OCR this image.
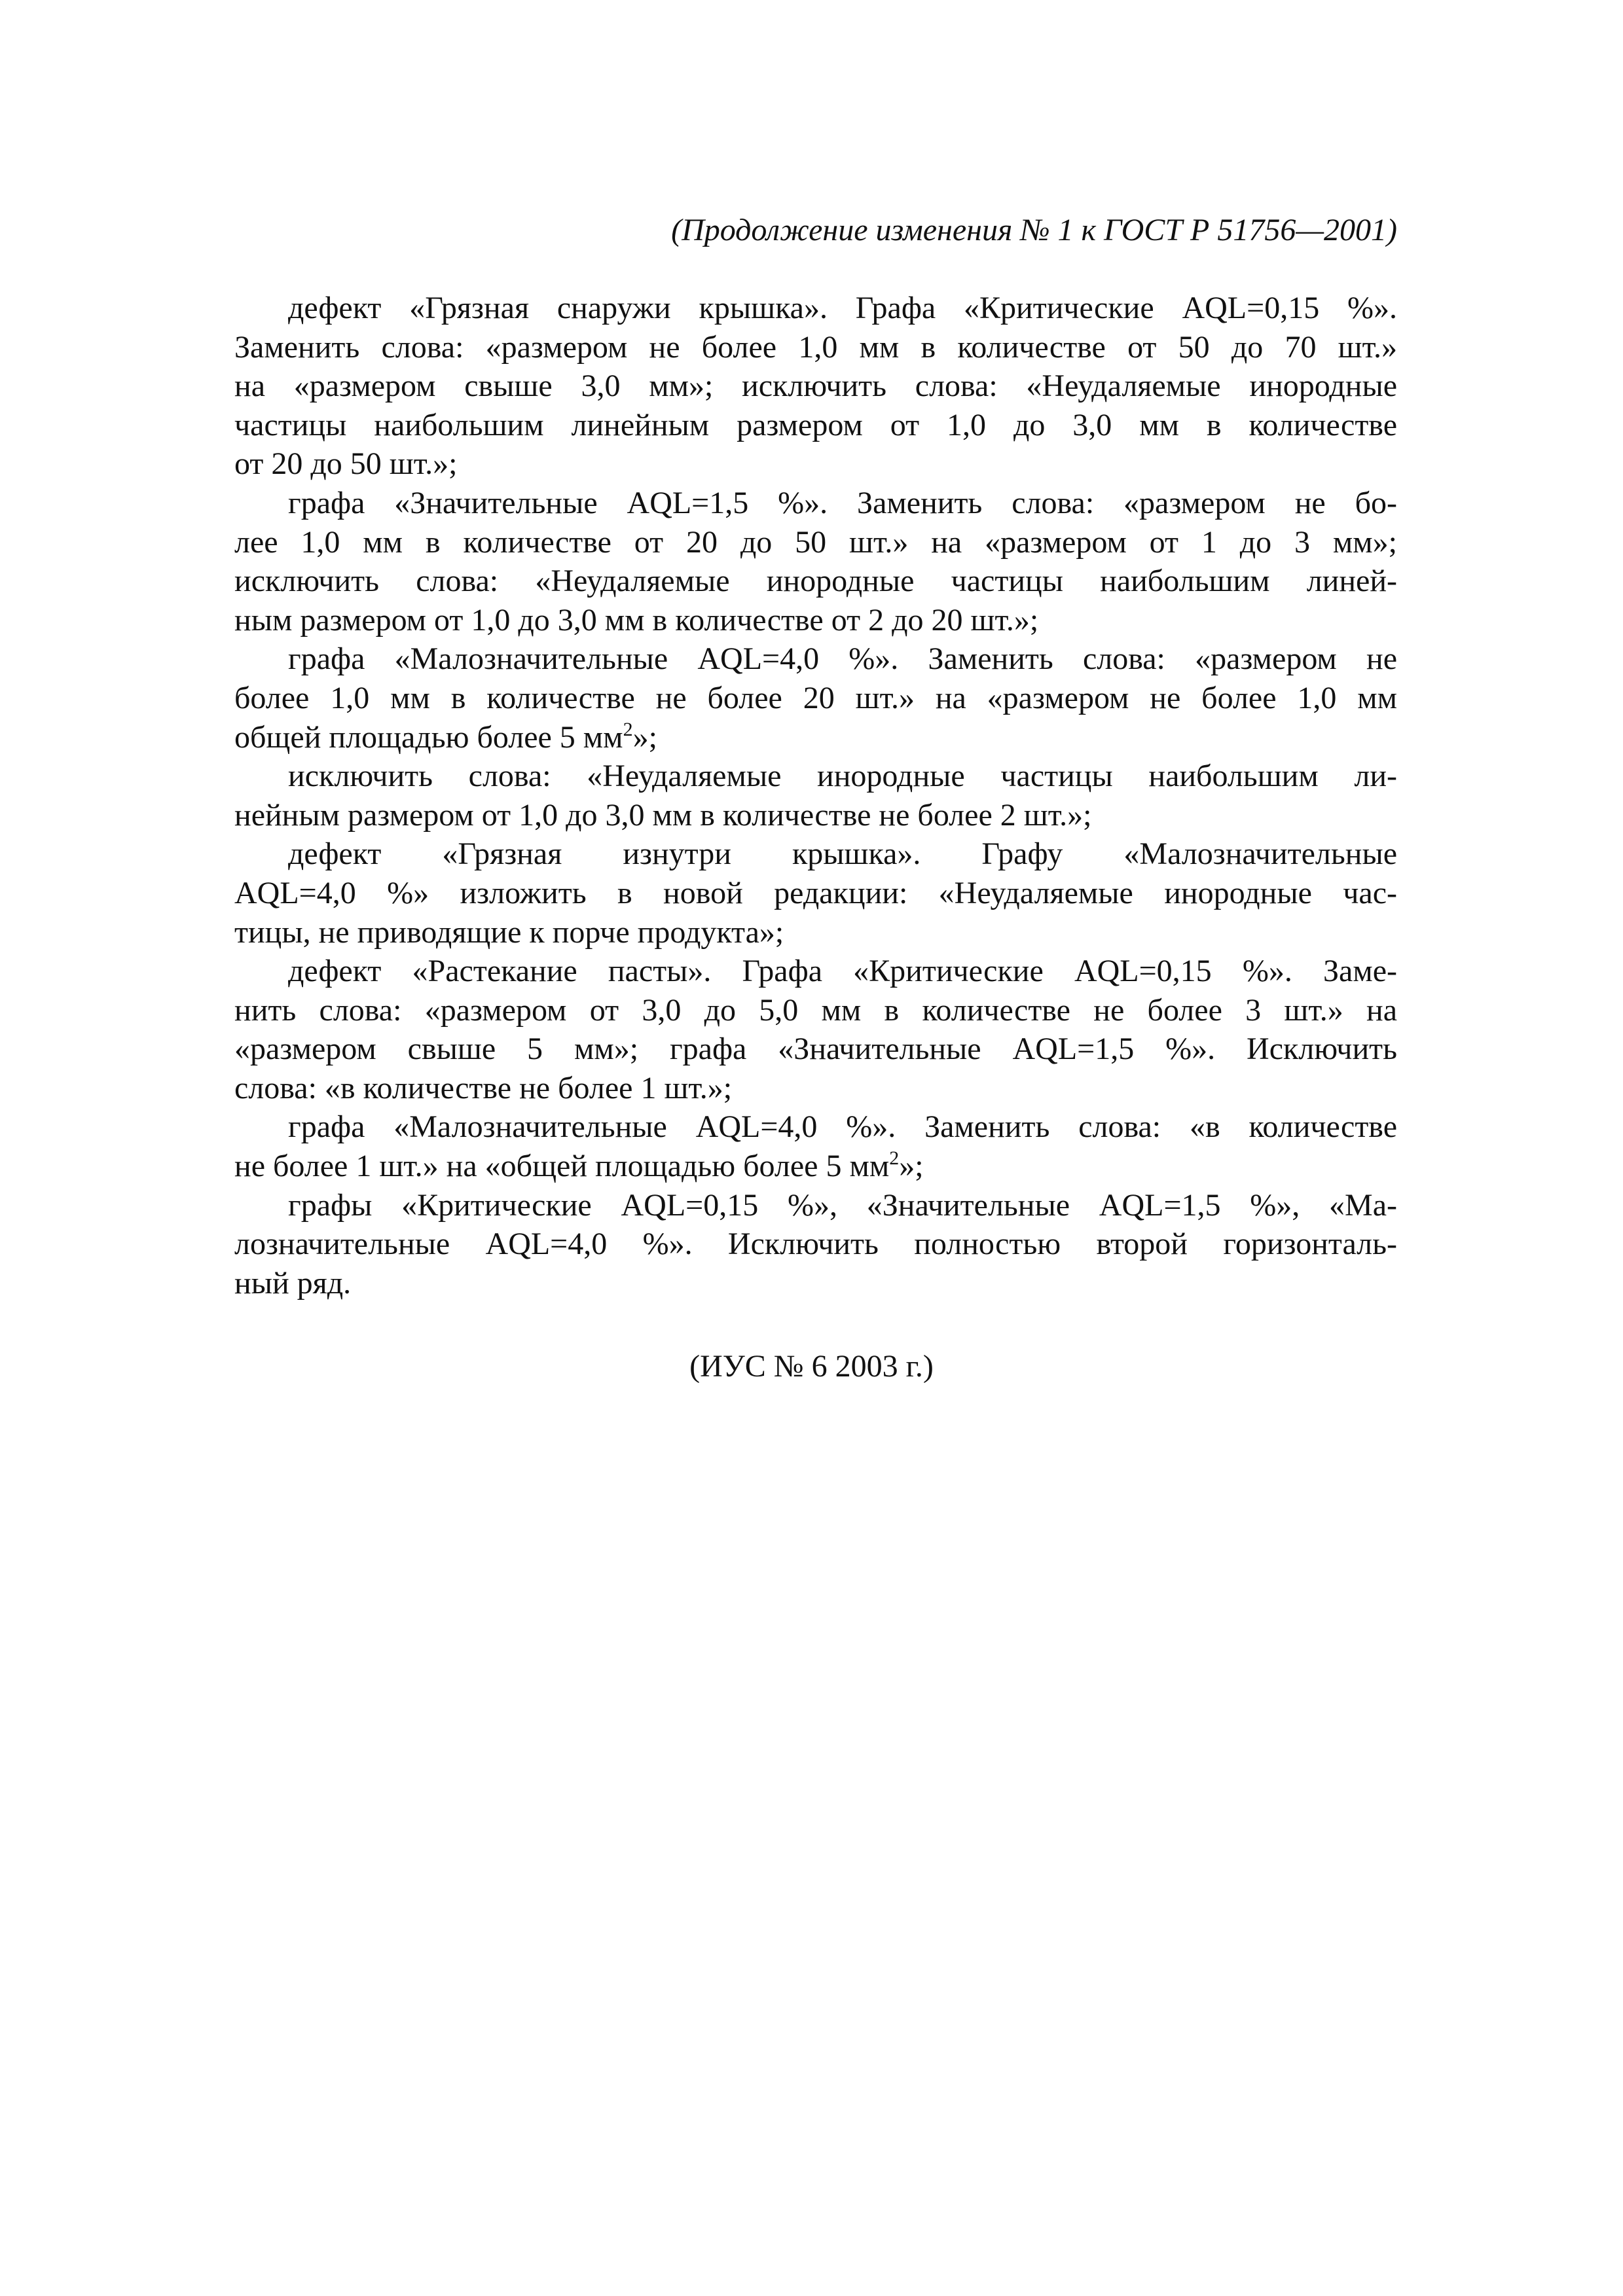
(Продолжение изменения № 1 к ГОСТ Р 51756—2001)

дефект «Грязная снаружи крышка». Графа «Критические AQL=0,15 %».
Заменить слова: «размером не более 1,0 мм в количестве от 50 до 70 шт.»
на «размером свыше 3,0 мм»; исключить слова: «Неудаляемые инородные
частицы наибольшим линейным размером от 1,0 до 3,0 мм в количестве
от 20 до 50 шт.»;

графа «Значительные AQL=1,5 %». Заменить слова: «размером не бо-
лее 1,0 мм в количестве от 20 до 50 шт.» на «размером от 1 до 3 мм»;
исключить слова: «Неудаляемые инородные частицы наибольшим линей-
ным размером от 1,0 до 3,0 мм в количестве от 2 до 20 шт.»;

графа «Малозначительные AQL=4,0 %». Заменить слова: «размером не
более 1,0 мм в количестве не более 20 шт.» на «размером не более 1,0 мм
общей площадью более 5 $мм^2$»;

исключить слова: «Неудаляемые инородные частицы наибольшим ли-
нейным размером от 1,0 до 3,0 мм в количестве не более 2 шт.»;

дефект «Грязная изнутри крышка». Графу «Малозначительные
AQL=4,0 %» изложить в новой редакции: «Неудаляемые инородные час-
тицы, не приводящие к порче продукта»;

дефект «Растекание пасты». Графа «Критические AQL=0,15 %». Заме-
нить слова: «размером от 3,0 до 5,0 мм в количестве не более 3 шт.» на
«размером свыше 5 мм»; графа «Значительные AQL=1,5 %». Исключить
слова: «в количестве не более 1 шт.»;

графа «Малозначительные AQL=4,0 %». Заменить слова: «в количестве
не более 1 шт.» на «общей площадью более 5 $мм^2$»;

графы «Критические AQL=0,15 %», «Значительные AQL=1,5 %», «Ма-
лозначительные AQL=4,0 %». Исключить полностью второй горизонталь-
ный ряд.

(ИУС № 6 2003 г.)
